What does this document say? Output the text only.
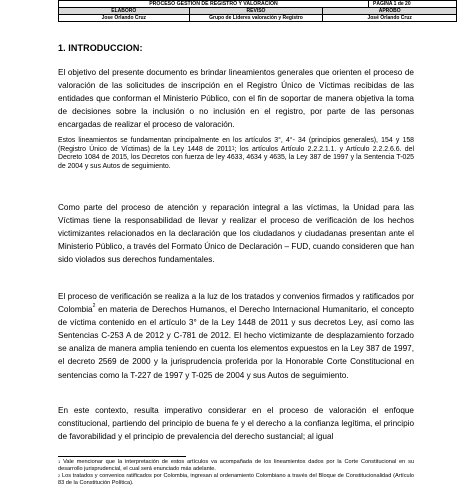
PROCESO GESTION DE REGISTRO Y VALORACION	PÁGINA 1 de 20
ELABORO	REVISO	APROBO
Jose Orlando Cruz	Grupo de Lideres valoración y Registro	José Orlando Cruz
1. INTRODUCCION:

El objetivo del presente documento es brindar lineamientos generales que orienten el proceso de valoración de las solicitudes de inscripción en el Registro Único de Víctimas recibidas de las entidades que conforman el Ministerio Público, con el fin de soportar de manera objetiva la toma de decisiones sobre la inclusión o no inclusión en el registro, por parte de las personas encargadas de realizar el proceso de valoración.

Estos lineamientos se fundamentan principalmente en los artículos 3°, 4°- 34 (principios generales), 154 y 158 (Registro Único de Víctimas) de la Ley 1448 de 2011$^1$; los artículos Artículo 2.2.2.1.1. y Artículo 2.2.2.6.6. del Decreto 1084 de 2015, los Decretos con fuerza de ley 4633, 4634 y 4635, la Ley 387 de 1997 y la Sentencia T-025 de 2004 y sus Autos de seguimiento.

Como parte del proceso de atención y reparación integral a las víctimas, la Unidad para las Víctimas tiene la responsabilidad de llevar y realizar el proceso de verificación de los hechos victimizantes relacionados en la declaración que los ciudadanos y ciudadanas presentan ante el Ministerio Público, a través del Formato Único de Declaración – FUD, cuando consideren que han sido violados sus derechos fundamentales.

El proceso de verificación se realiza a la luz de los tratados y convenios firmados y ratificados por Colombia$^2$ en materia de Derechos Humanos, el Derecho Internacional Humanitario, el concepto de víctima contenido en el artículo 3° de la Ley 1448 de 2011 y sus decretos Ley, así como las Sentencias C-253 A de 2012 y C-781 de 2012. El hecho victimizante de desplazamiento forzado se analiza de manera amplia teniendo en cuenta los elementos expuestos en la Ley 387 de 1997, el decreto 2569 de 2000 y la jurisprudencia proferida por la Honorable Corte Constitucional en sentencias como la T-227 de 1997 y T-025 de 2004 y sus Autos de seguimiento.

En este contexto, resulta imperativo considerar en el proceso de valoración el enfoque constitucional, partiendo del principio de buena fe y el derecho a la confianza legítima, el principio de favorabilidad y el principio de prevalencia del derecho sustancial; al igual

$^1$ Vale mencionar que la interpretación de estos artículos va acompañada de los lineamientos dados por la Corte Constitucional en su desarrollo jurisprudencial, el cual será enunciado más adelante.
$^2$ Los tratados y convenios ratificados por Colombia, ingresan al ordenamiento Colombiano a través del Bloque de Constitucionalidad (Artículo 83 de la Constitución Política).
